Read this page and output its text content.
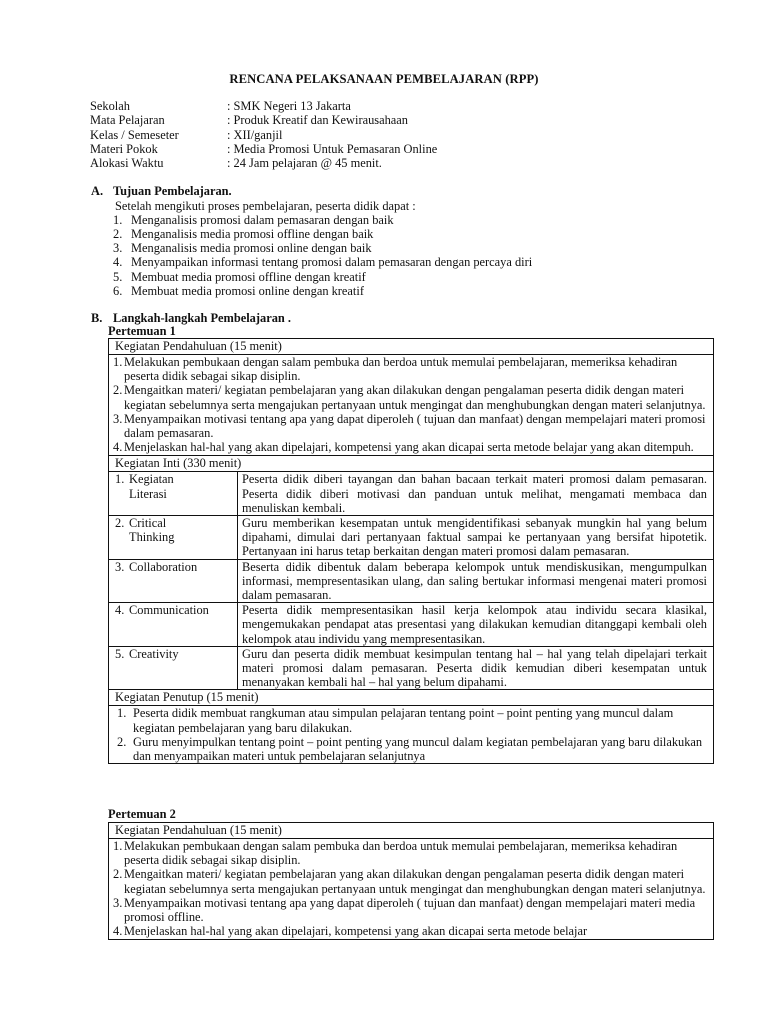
RENCANA PELAKSANAAN PEMBELAJARAN (RPP)
Sekolah	: SMK Negeri 13 Jakarta
Mata Pelajaran	: Produk Kreatif dan Kewirausahaan
Kelas / Semeseter	: XII/ganjil
Materi Pokok	: Media Promosi Untuk Pemasaran Online
Alokasi Waktu	: 24 Jam pelajaran @ 45 menit.
A. Tujuan Pembelajaran.
Setelah mengikuti proses pembelajaran, peserta didik dapat :
1. Menganalisis promosi dalam pemasaran dengan baik
2. Menganalisis media promosi offline dengan baik
3. Menganalisis media promosi online dengan baik
4. Menyampaikan informasi tentang promosi dalam pemasaran dengan percaya diri
5. Membuat media promosi offline dengan kreatif
6. Membuat media promosi online dengan kreatif
B. Langkah-langkah Pembelajaran .
Pertemuan 1
Kegiatan Pendahuluan (15 menit)
1. Melakukan pembukaan dengan salam pembuka dan berdoa untuk memulai pembelajaran, memeriksa kehadiran peserta didik sebagai sikap disiplin.
2. Mengaitkan materi/ kegiatan pembelajaran yang akan dilakukan dengan pengalaman peserta didik dengan materi kegiatan sebelumnya serta mengajukan pertanyaan untuk mengingat dan menghubungkan dengan materi selanjutnya.
3. Menyampaikan motivasi tentang apa yang dapat diperoleh ( tujuan dan manfaat) dengan mempelajari materi promosi dalam pemasaran.
4. Menjelaskan hal-hal yang akan dipelajari, kompetensi yang akan dicapai serta metode belajar yang akan ditempuh.
Kegiatan Inti (330 menit)
1. Kegiatan
Literasi	Peserta didik diberi tayangan dan bahan bacaan terkait materi promosi dalam pemasaran. Peserta didik diberi motivasi dan panduan untuk melihat, mengamati membaca dan menuliskan kembali.
2. Critical
Thinking	Guru memberikan kesempatan untuk mengidentifikasi sebanyak mungkin hal yang belum dipahami, dimulai dari pertanyaan faktual sampai ke pertanyaan yang bersifat hipotetik. Pertanyaan ini harus tetap berkaitan dengan materi promosi dalam pemasaran.
3. Collaboration	Beserta didik dibentuk dalam beberapa kelompok untuk mendiskusikan, mengumpulkan informasi, mempresentasikan ulang, dan saling bertukar informasi mengenai materi promosi dalam pemasaran.
4. Communication	Peserta didik mempresentasikan hasil kerja kelompok atau individu secara klasikal, mengemukakan pendapat atas presentasi yang dilakukan kemudian ditanggapi kembali oleh kelompok atau individu yang mempresentasikan.
5. Creativity	Guru dan peserta didik membuat kesimpulan tentang hal – hal yang telah dipelajari terkait materi promosi dalam pemasaran. Peserta didik kemudian diberi kesempatan untuk menanyakan kembali hal – hal yang belum dipahami.
Kegiatan Penutup (15 menit)
1. Peserta didik membuat rangkuman atau simpulan pelajaran tentang point – point penting yang muncul dalam kegiatan pembelajaran yang baru dilakukan.
2. Guru menyimpulkan tentang point – point penting yang muncul dalam kegiatan pembelajaran yang baru dilakukan dan menyampaikan materi untuk pembelajaran selanjutnya
Pertemuan 2
Kegiatan Pendahuluan (15 menit)
1. Melakukan pembukaan dengan salam pembuka dan berdoa untuk memulai pembelajaran, memeriksa kehadiran peserta didik sebagai sikap disiplin.
2. Mengaitkan materi/ kegiatan pembelajaran yang akan dilakukan dengan pengalaman peserta didik dengan materi kegiatan sebelumnya serta mengajukan pertanyaan untuk mengingat dan menghubungkan dengan materi selanjutnya.
3. Menyampaikan motivasi tentang apa yang dapat diperoleh ( tujuan dan manfaat) dengan mempelajari materi media promosi offline.
4. Menjelaskan hal-hal yang akan dipelajari, kompetensi yang akan dicapai serta metode belajar
